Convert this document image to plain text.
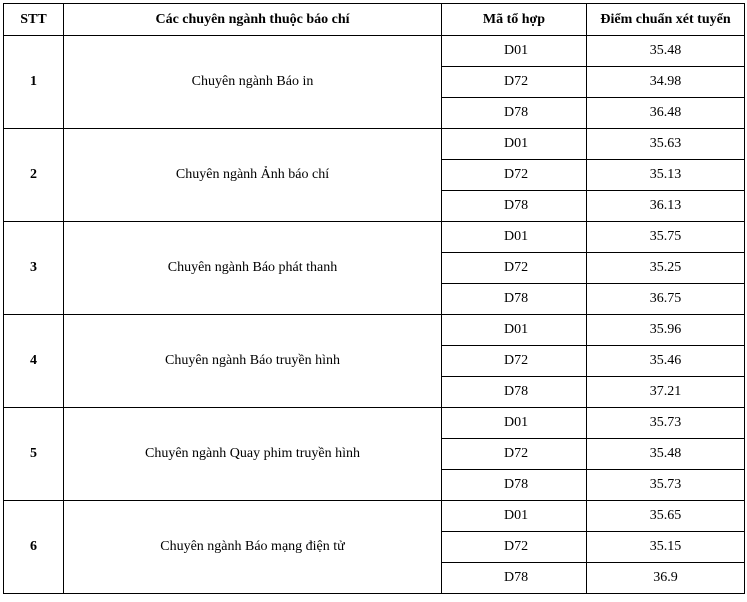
STT	Các chuyên ngành thuộc báo chí	Mã tổ hợp	Điểm chuẩn xét tuyển
1	Chuyên ngành Báo in	D01	35.48
		D72	34.98
		D78	36.48
2	Chuyên ngành Ảnh báo chí	D01	35.63
		D72	35.13
		D78	36.13
3	Chuyên ngành Báo phát thanh	D01	35.75
		D72	35.25
		D78	36.75
4	Chuyên ngành Báo truyền hình	D01	35.96
		D72	35.46
		D78	37.21
5	Chuyên ngành Quay phim truyền hình	D01	35.73
		D72	35.48
		D78	35.73
6	Chuyên ngành Báo mạng điện tử	D01	35.65
		D72	35.15
		D78	36.9
